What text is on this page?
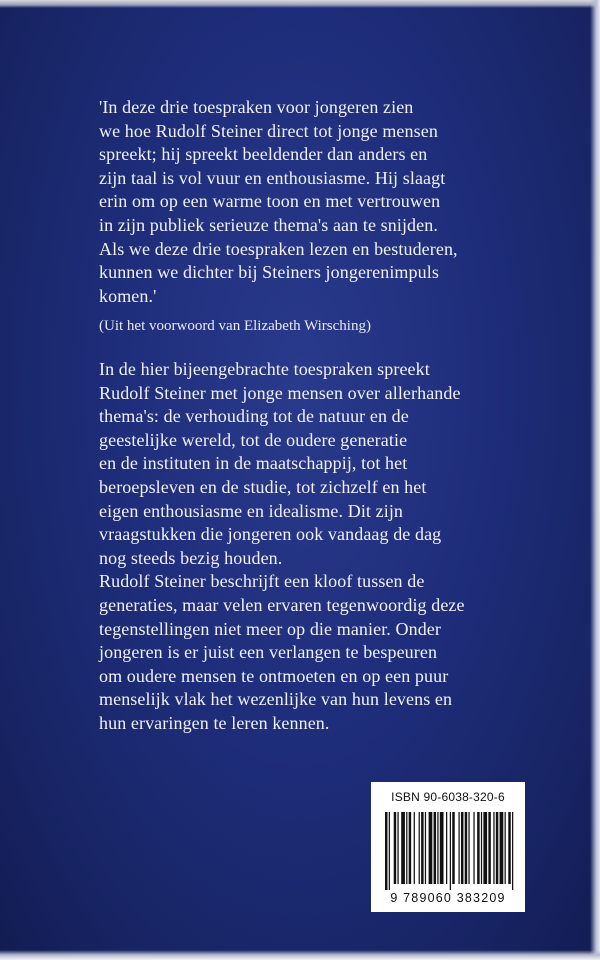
'In deze drie toespraken voor jongeren zien
we hoe Rudolf Steiner direct tot jonge mensen
spreekt; hij spreekt beeldender dan anders en
zijn taal is vol vuur en enthousiasme. Hij slaagt
erin om op een warme toon en met vertrouwen
in zijn publiek serieuze thema's aan te snijden.
Als we deze drie toespraken lezen en bestuderen,
kunnen we dichter bij Steiners jongerenimpuls
komen.'
(Uit het voorwoord van Elizabeth Wirsching)
In de hier bijeengebrachte toespraken spreekt
Rudolf Steiner met jonge mensen over allerhande
thema's: de verhouding tot de natuur en de
geestelijke wereld, tot de oudere generatie
en de instituten in de maatschappij, tot het
beroepsleven en de studie, tot zichzelf en het
eigen enthousiasme en idealisme. Dit zijn
vraagstukken die jongeren ook vandaag de dag
nog steeds bezig houden.
Rudolf Steiner beschrijft een kloof tussen de
generaties, maar velen ervaren tegenwoordig deze
tegenstellingen niet meer op die manier. Onder
jongeren is er juist een verlangen te bespeuren
om oudere mensen te ontmoeten en op een puur
menselijk vlak het wezenlijke van hun levens en
hun ervaringen te leren kennen.
ISBN 90-6038-320-6
9 789060 383209
